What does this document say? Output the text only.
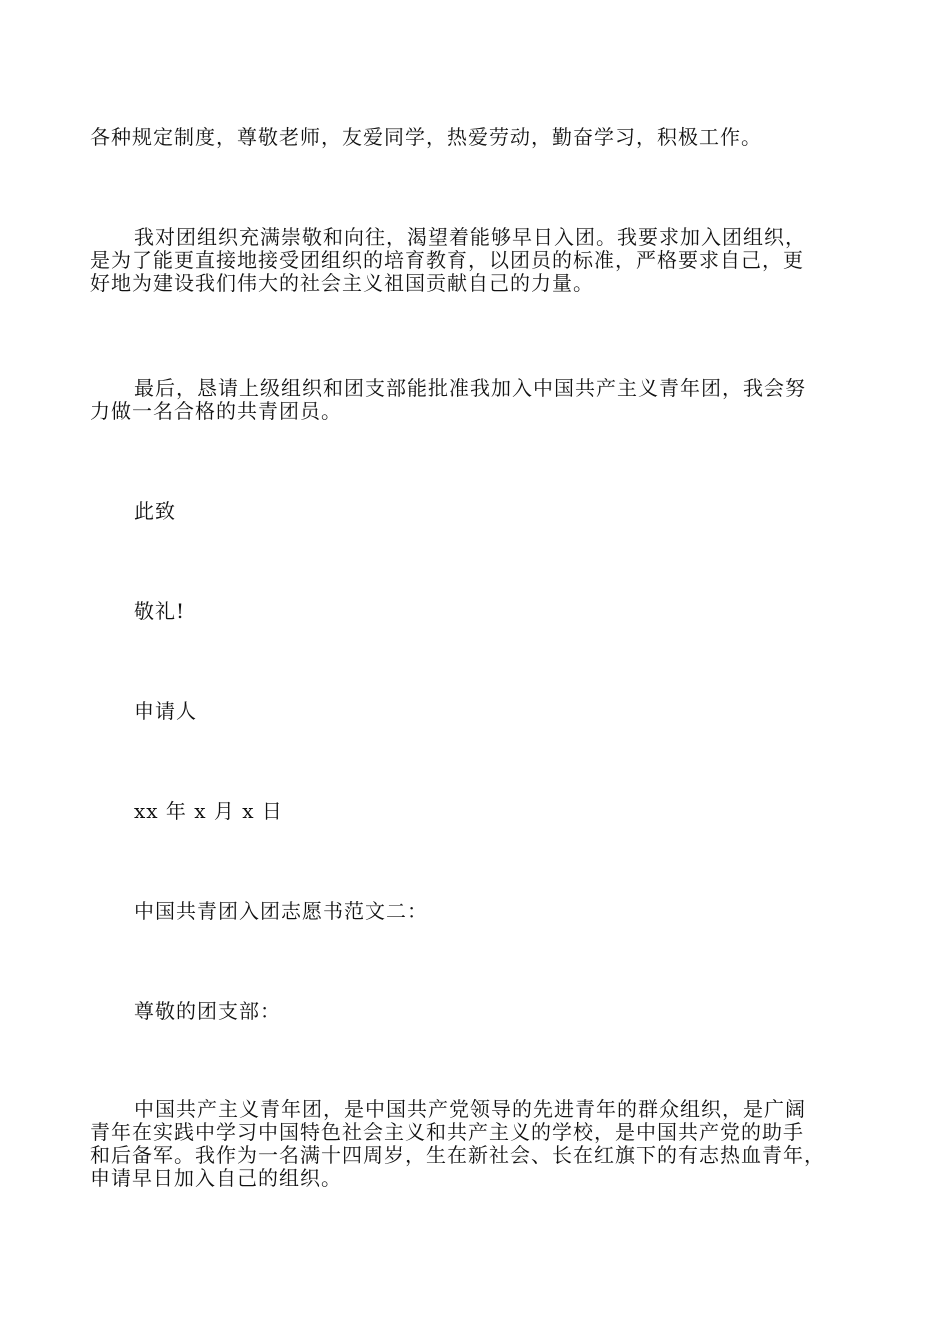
各种规定制度，尊敬老师，友爱同学，热爱劳动，勤奋学习，积极工作。

我对团组织充满崇敬和向往，渴望着能够早日入团。我要求加入团组织，
是为了能更直接地接受团组织的培育教育，以团员的标准，严格要求自己，更
好地为建设我们伟大的社会主义祖国贡献自己的力量。

最后，恳请上级组织和团支部能批准我加入中国共产主义青年团，我会努
力做一名合格的共青团员。

此致

敬礼!

申请人

xx 年 x 月 x 日

中国共青团入团志愿书范文二：

尊敬的团支部：

中国共产主义青年团，是中国共产党领导的先进青年的群众组织，是广阔
青年在实践中学习中国特色社会主义和共产主义的学校，是中国共产党的助手
和后备军。我作为一名满十四周岁，生在新社会、长在红旗下的有志热血青年，
申请早日加入自己的组织。
